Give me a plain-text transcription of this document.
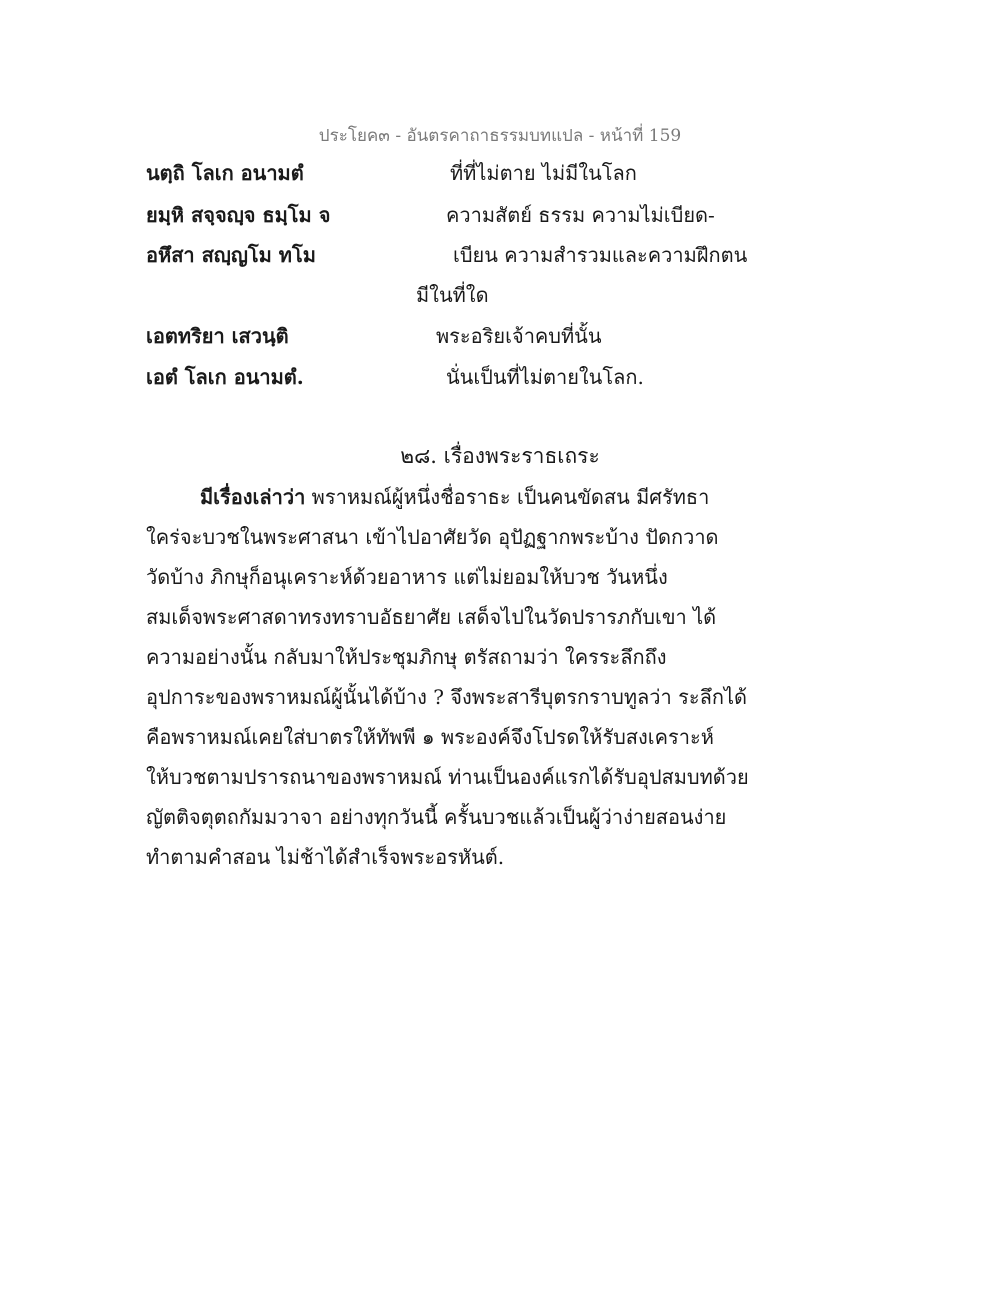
ประโยค๓ - อันตรคาถาธรรมบทแปล - หน้าที่ 159
นตฺถิ โลเก อนามตํ	ที่ที่ไม่ตาย ไม่มีในโลก
ยมฺหิ สจฺจญฺจ ธมฺโม จ	ความสัตย์ ธรรม ความไม่เบียด-
อหึสา สญฺญโม ทโม	เบียน ความสำรวมและความฝึกตน
มีในที่ใด
เอตทริยา เสวนฺติ	พระอริยเจ้าคบที่นั้น
เอตํ โลเก อนามตํ.	นั่นเป็นที่ไม่ตายในโลก.
๒๘. เรื่องพระราธเถระ
มีเรื่องเล่าว่า พราหมณ์ผู้หนึ่งชื่อราธะ เป็นคนขัดสน มีศรัทธา
ใคร่จะบวชในพระศาสนา เข้าไปอาศัยวัด อุปัฏฐากพระบ้าง ปัดกวาด
วัดบ้าง ภิกษุก็อนุเคราะห์ด้วยอาหาร แต่ไม่ยอมให้บวช วันหนึ่ง
สมเด็จพระศาสดาทรงทราบอัธยาศัย เสด็จไปในวัดปรารภกับเขา ได้
ความอย่างนั้น กลับมาให้ประชุมภิกษุ ตรัสถามว่า ใครระลึกถึง
อุปการะของพราหมณ์ผู้นั้นได้บ้าง ? จึงพระสารีบุตรกราบทูลว่า ระลึกได้
คือพราหมณ์เคยใส่บาตรให้ทัพพี ๑ พระองค์จึงโปรดให้รับสงเคราะห์
ให้บวชตามปรารถนาของพราหมณ์ ท่านเป็นองค์แรกได้รับอุปสมบทด้วย
ญัตติจตุตถกัมมวาจา อย่างทุกวันนี้ ครั้นบวชแล้วเป็นผู้ว่าง่ายสอนง่าย
ทำตามคำสอน ไม่ช้าได้สำเร็จพระอรหันต์.
